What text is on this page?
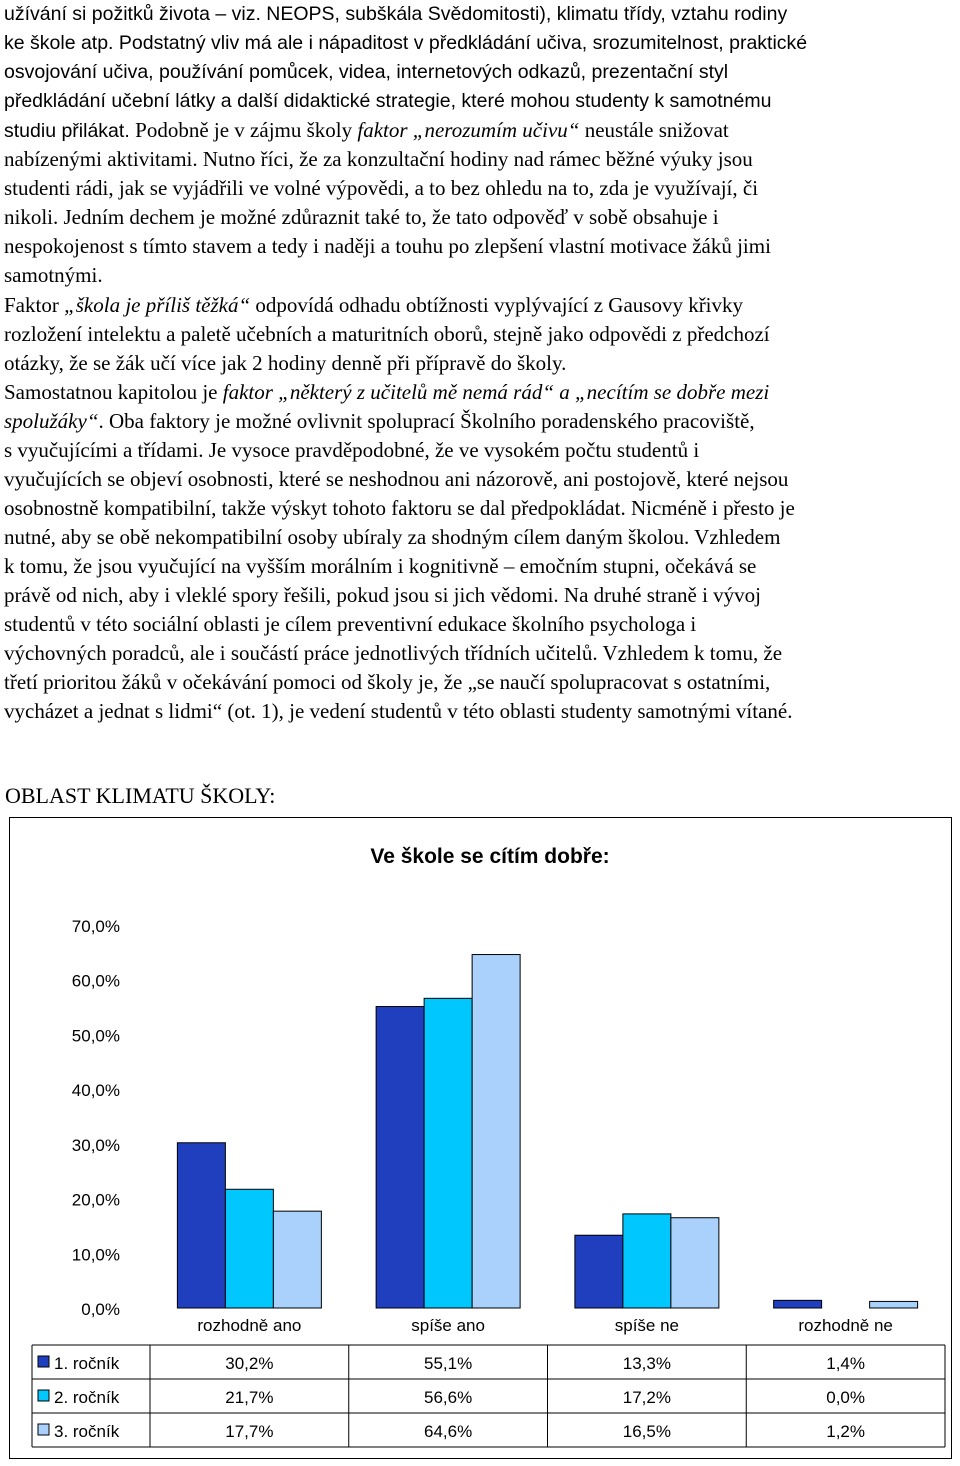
užívání si požitků života – viz. NEOPS, subškála Svědomitosti), klimatu třídy, vztahu rodiny
ke škole atp. Podstatný vliv má ale i nápaditost v předkládání učiva, srozumitelnost, praktické
osvojování učiva, používání pomůcek, videa, internetových odkazů, prezentační styl
předkládání učební látky a další didaktické strategie, které mohou studenty k samotnému
studiu přilákat. Podobně je v zájmu školy faktor „nerozumím učivu“ neustále snižovat
nabízenými aktivitami. Nutno říci, že za konzultační hodiny nad rámec běžné výuky jsou
studenti rádi, jak se vyjádřili ve volné výpovědi, a to bez ohledu na to, zda je využívají, či
nikoli. Jedním dechem je možné zdůraznit také to, že tato odpověď v sobě obsahuje i
nespokojenost s tímto stavem a tedy i naději a touhu po zlepšení vlastní motivace žáků jimi
samotnými.
Faktor „škola je příliš těžká“ odpovídá odhadu obtížnosti vyplývající z Gausovy křivky
rozložení intelektu a paletě učebních a maturitních oborů, stejně jako odpovědi z předchozí
otázky, že se žák učí více jak 2 hodiny denně při přípravě do školy.
Samostatnou kapitolou je faktor „některý z učitelů mě nemá rád“ a „necítím se dobře mezi
spolužáky“. Oba faktory je možné ovlivnit spoluprací Školního poradenského pracoviště,
s vyučujícími a třídami. Je vysoce pravděpodobné, že ve vysokém počtu studentů i
vyučujících se objeví osobnosti, které se neshodnou ani názorově, ani postojově, které nejsou
osobnostně kompatibilní, takže výskyt tohoto faktoru se dal předpokládat. Nicméně i přesto je
nutné, aby se obě nekompatibilní osoby ubíraly za shodným cílem daným školou. Vzhledem
k tomu, že jsou vyučující na vyšším morálním i kognitivně – emočním stupni, očekává se
právě od nich, aby i vleklé spory řešili, pokud jsou si jich vědomi. Na druhé straně i vývoj
studentů v této sociální oblasti je cílem preventivní edukace školního psychologa i
výchovných poradců, ale i součástí práce jednotlivých třídních učitelů. Vzhledem k tomu, že
třetí prioritou žáků v očekávání pomoci od školy je, že „se naučí spolupracovat s ostatními,
vycházet a jednat s lidmi“ (ot. 1), je vedení studentů v této oblasti studenty samotnými vítané.
OBLAST KLIMATU ŠKOLY:
Ve škole se cítím dobře:
0,0%
10,0%
20,0%
30,0%
40,0%
50,0%
60,0%
70,0%
rozhodně ano	spíše ano	spíše ne	rozhodně ne
1. ročník	30,2%	55,1%	13,3%	1,4%
2. ročník	21,7%	56,6%	17,2%	0,0%
3. ročník	17,7%	64,6%	16,5%	1,2%
